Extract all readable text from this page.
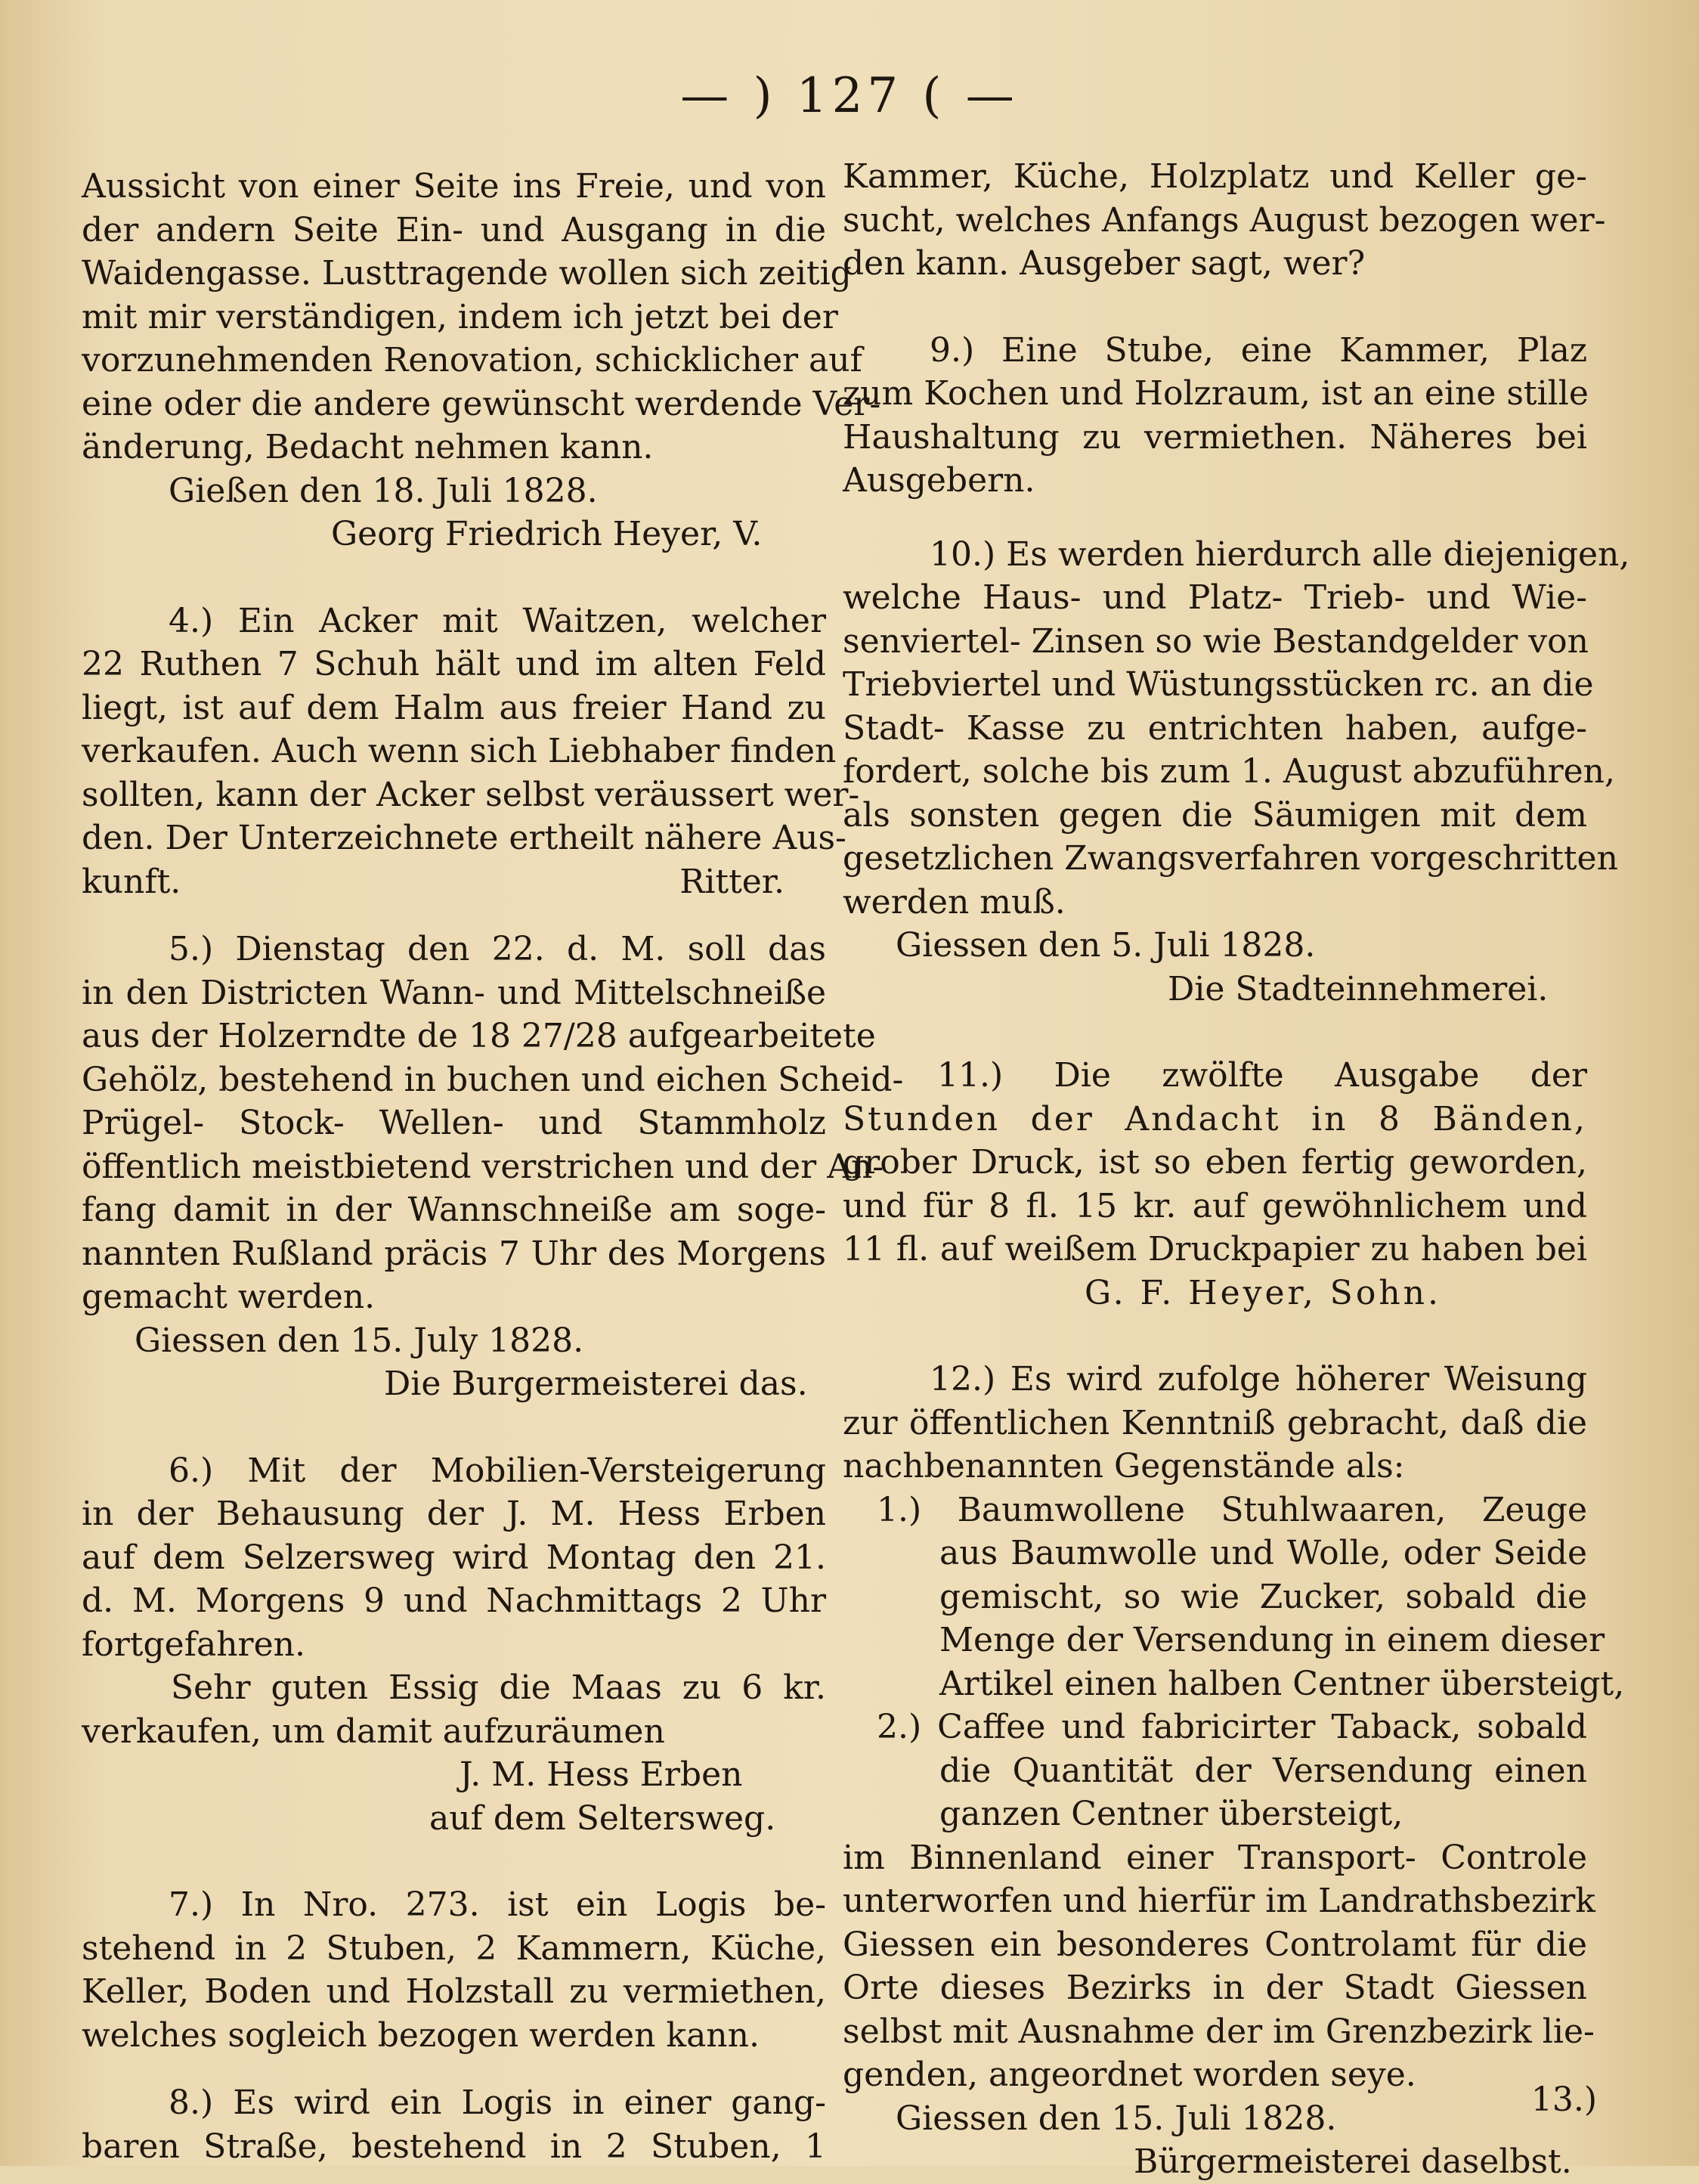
— ) 127 ( —
Aussicht von einer Seite ins Freie, und von
der andern Seite Ein- und Ausgang in die
Waidengasse. Lusttragende wollen sich zeitig
mit mir verständigen, indem ich jetzt bei der
vorzunehmenden Renovation, schicklicher auf
eine oder die andere gewünscht werdende Ver-
änderung, Bedacht nehmen kann.
Gießen den 18. Juli 1828.
Georg Friedrich Heyer, V.
4.) Ein Acker mit Waitzen, welcher
22 Ruthen 7 Schuh hält und im alten Feld
liegt, ist auf dem Halm aus freier Hand zu
verkaufen. Auch wenn sich Liebhaber finden
sollten, kann der Acker selbst veräussert wer-
den. Der Unterzeichnete ertheilt nähere Aus-
kunft.	Ritter.
5.) Dienstag den 22. d. M. soll das
in den Districten Wann- und Mittelschneiße
aus der Holzerndte de 18 27/28 aufgearbeitete
Gehölz, bestehend in buchen und eichen Scheid-
Prügel- Stock- Wellen- und Stammholz
öffentlich meistbietend verstrichen und der An-
fang damit in der Wannschneiße am soge-
nannten Rußland präcis 7 Uhr des Morgens
gemacht werden.
Giessen den 15. July 1828.
Die Burgermeisterei das.
6.) Mit der Mobilien-Versteigerung
in der Behausung der J. M. Hess Erben
auf dem Selzersweg wird Montag den 21.
d. M. Morgens 9 und Nachmittags 2 Uhr
fortgefahren.
Sehr guten Essig die Maas zu 6 kr.
verkaufen, um damit aufzuräumen
J. M. Hess Erben
auf dem Seltersweg.
7.) In Nro. 273. ist ein Logis be-
stehend in 2 Stuben, 2 Kammern, Küche,
Keller, Boden und Holzstall zu vermiethen,
welches sogleich bezogen werden kann.
8.) Es wird ein Logis in einer gang-
baren Straße, bestehend in 2 Stuben, 1
Kammer, Küche, Holzplatz und Keller ge-
sucht, welches Anfangs August bezogen wer-
den kann. Ausgeber sagt, wer?
9.) Eine Stube, eine Kammer, Plaz
zum Kochen und Holzraum, ist an eine stille
Haushaltung zu vermiethen. Näheres bei
Ausgebern.
10.) Es werden hierdurch alle diejenigen,
welche Haus- und Platz- Trieb- und Wie-
senviertel- Zinsen so wie Bestandgelder von
Triebviertel und Wüstungsstücken rc. an die
Stadt- Kasse zu entrichten haben, aufge-
fordert, solche bis zum 1. August abzuführen,
als sonsten gegen die Säumigen mit dem
gesetzlichen Zwangsverfahren vorgeschritten
werden muß.
Giessen den 5. Juli 1828.
Die Stadteinnehmerei.
11.) Die zwölfte Ausgabe der
Stunden der Andacht in 8 Bänden,
grober Druck, ist so eben fertig geworden,
und für 8 fl. 15 kr. auf gewöhnlichem und
11 fl. auf weißem Druckpapier zu haben bei
G. F. Heyer, Sohn.
12.) Es wird zufolge höherer Weisung
zur öffentlichen Kenntniß gebracht, daß die
nachbenannten Gegenstände als:
1.) Baumwollene Stuhlwaaren, Zeuge
aus Baumwolle und Wolle, oder Seide
gemischt, so wie Zucker, sobald die
Menge der Versendung in einem dieser
Artikel einen halben Centner übersteigt,
2.) Caffee und fabricirter Taback, sobald
die Quantität der Versendung einen
ganzen Centner übersteigt,
im Binnenland einer Transport- Controle
unterworfen und hierfür im Landrathsbezirk
Giessen ein besonderes Controlamt für die
Orte dieses Bezirks in der Stadt Giessen
selbst mit Ausnahme der im Grenzbezirk lie-
genden, angeordnet worden seye.
Giessen den 15. Juli 1828.
Bürgermeisterei daselbst.
13.)
